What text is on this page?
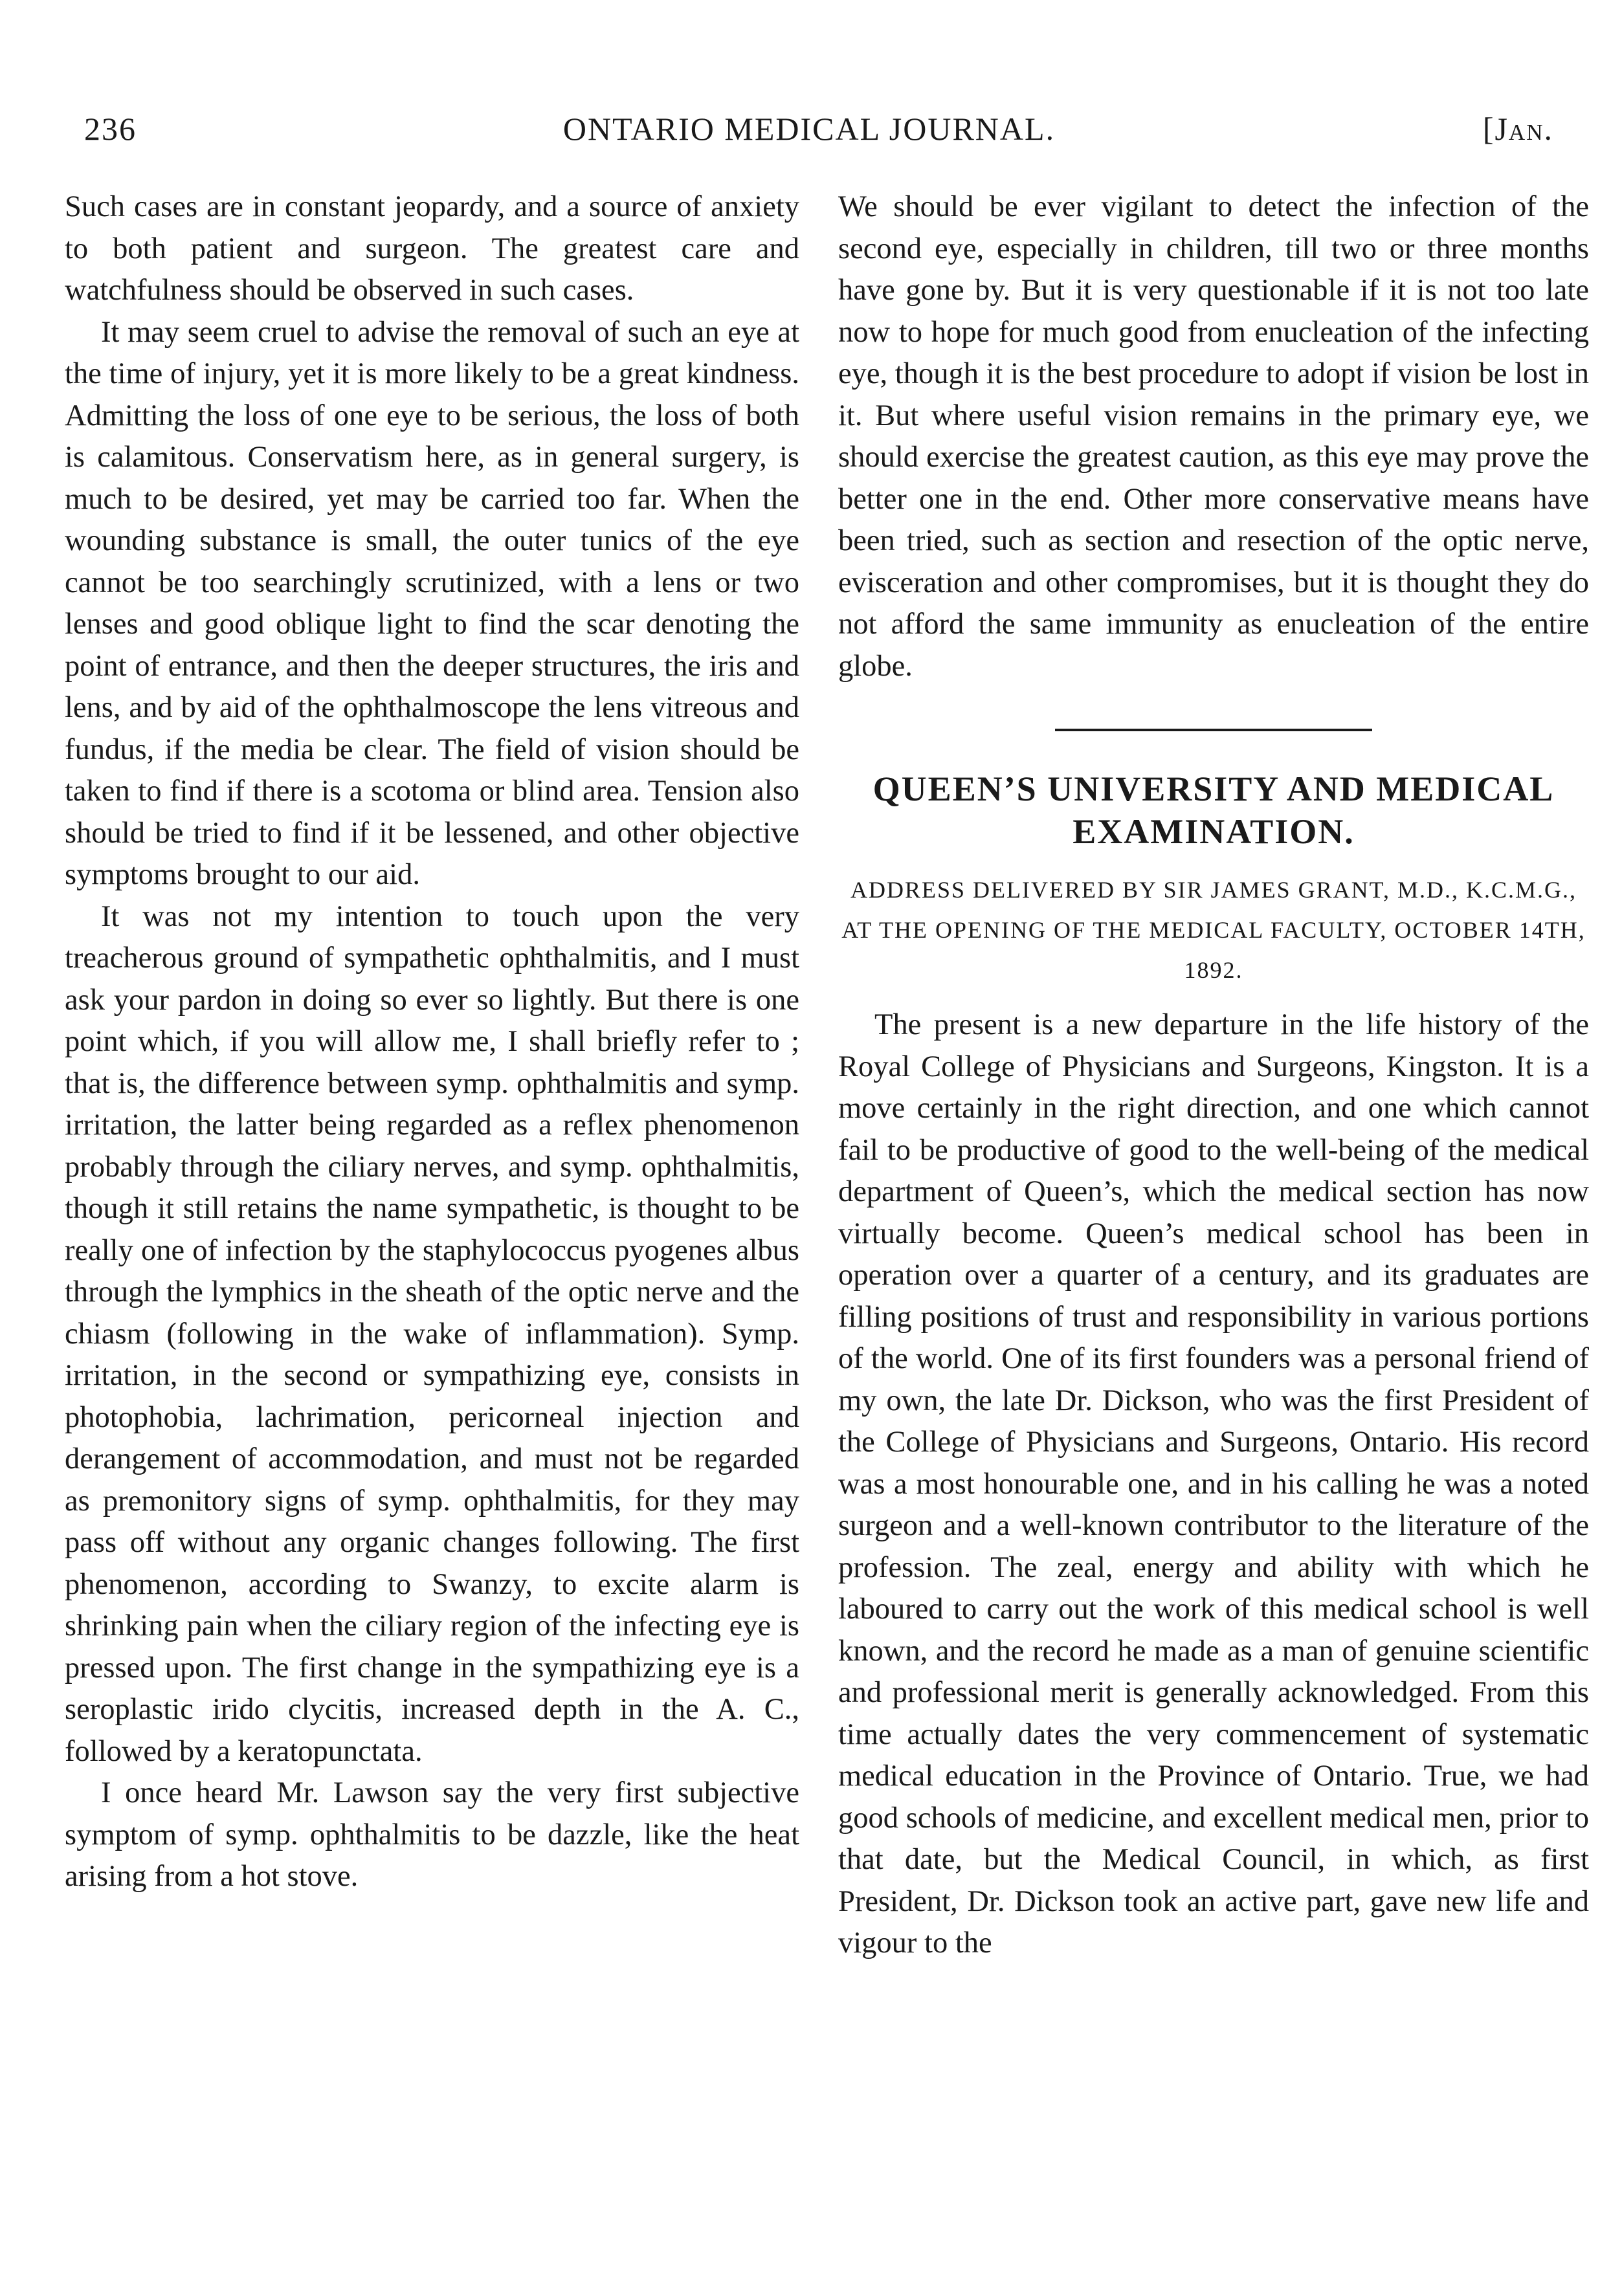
ONTARIO MEDICAL JOURNAL.
236	[Jan.

Such cases are in constant jeopardy, and a source of anxiety to both patient and surgeon. The greatest care and watchfulness should be observed in such cases.

It may seem cruel to advise the removal of such an eye at the time of injury, yet it is more likely to be a great kindness. Admitting the loss of one eye to be serious, the loss of both is calamitous. Conservatism here, as in general surgery, is much to be desired, yet may be carried too far. When the wounding substance is small, the outer tunics of the eye cannot be too searchingly scrutinized, with a lens or two lenses and good oblique light to find the scar denoting the point of entrance, and then the deeper structures, the iris and lens, and by aid of the ophthalmoscope the lens vitreous and fundus, if the media be clear. The field of vision should be taken to find if there is a scotoma or blind area. Tension also should be tried to find if it be lessened, and other objective symptoms brought to our aid.

It was not my intention to touch upon the very treacherous ground of sympathetic ophthalmitis, and I must ask your pardon in doing so ever so lightly. But there is one point which, if you will allow me, I shall briefly refer to ; that is, the difference between symp. ophthalmitis and symp. irritation, the latter being regarded as a reflex phenomenon probably through the ciliary nerves, and symp. ophthalmitis, though it still retains the name sympathetic, is thought to be really one of infection by the staphylococcus pyogenes albus through the lymphics in the sheath of the optic nerve and the chiasm (following in the wake of inflammation). Symp. irritation, in the second or sympathizing eye, consists in photophobia, lachrimation, pericorneal injection and derangement of accommodation, and must not be regarded as premonitory signs of symp. ophthalmitis, for they may pass off without any organic changes following. The first phenomenon, according to Swanzy, to excite alarm is shrinking pain when the ciliary region of the infecting eye is pressed upon. The first change in the sympathizing eye is a seroplastic irido clycitis, increased depth in the A. C., followed by a keratopunctata.

I once heard Mr. Lawson say the very first subjective symptom of symp. ophthalmitis to be dazzle, like the heat arising from a hot stove.

We should be ever vigilant to detect the infection of the second eye, especially in children, till two or three months have gone by. But it is very questionable if it is not too late now to hope for much good from enucleation of the infecting eye, though it is the best procedure to adopt if vision be lost in it. But where useful vision remains in the primary eye, we should exercise the greatest caution, as this eye may prove the better one in the end. Other more conservative means have been tried, such as section and resection of the optic nerve, evisceration and other compromises, but it is thought they do not afford the same immunity as enucleation of the entire globe.

QUEEN’S UNIVERSITY AND MEDICAL EXAMINATION.
ADDRESS DELIVERED BY SIR JAMES GRANT, M.D., K.C.M.G., AT THE OPENING OF THE MEDICAL FACULTY, OCTOBER 14TH, 1892.

The present is a new departure in the life history of the Royal College of Physicians and Surgeons, Kingston. It is a move certainly in the right direction, and one which cannot fail to be productive of good to the well-being of the medical department of Queen’s, which the medical section has now virtually become. Queen’s medical school has been in operation over a quarter of a century, and its graduates are filling positions of trust and responsibility in various portions of the world. One of its first founders was a personal friend of my own, the late Dr. Dickson, who was the first President of the College of Physicians and Surgeons, Ontario. His record was a most honourable one, and in his calling he was a noted surgeon and a well-known contributor to the literature of the profession. The zeal, energy and ability with which he laboured to carry out the work of this medical school is well known, and the record he made as a man of genuine scientific and professional merit is generally acknowledged. From this time actually dates the very commencement of systematic medical education in the Province of Ontario. True, we had good schools of medicine, and excellent medical men, prior to that date, but the Medical Council, in which, as first President, Dr. Dickson took an active part, gave new life and vigour to the
